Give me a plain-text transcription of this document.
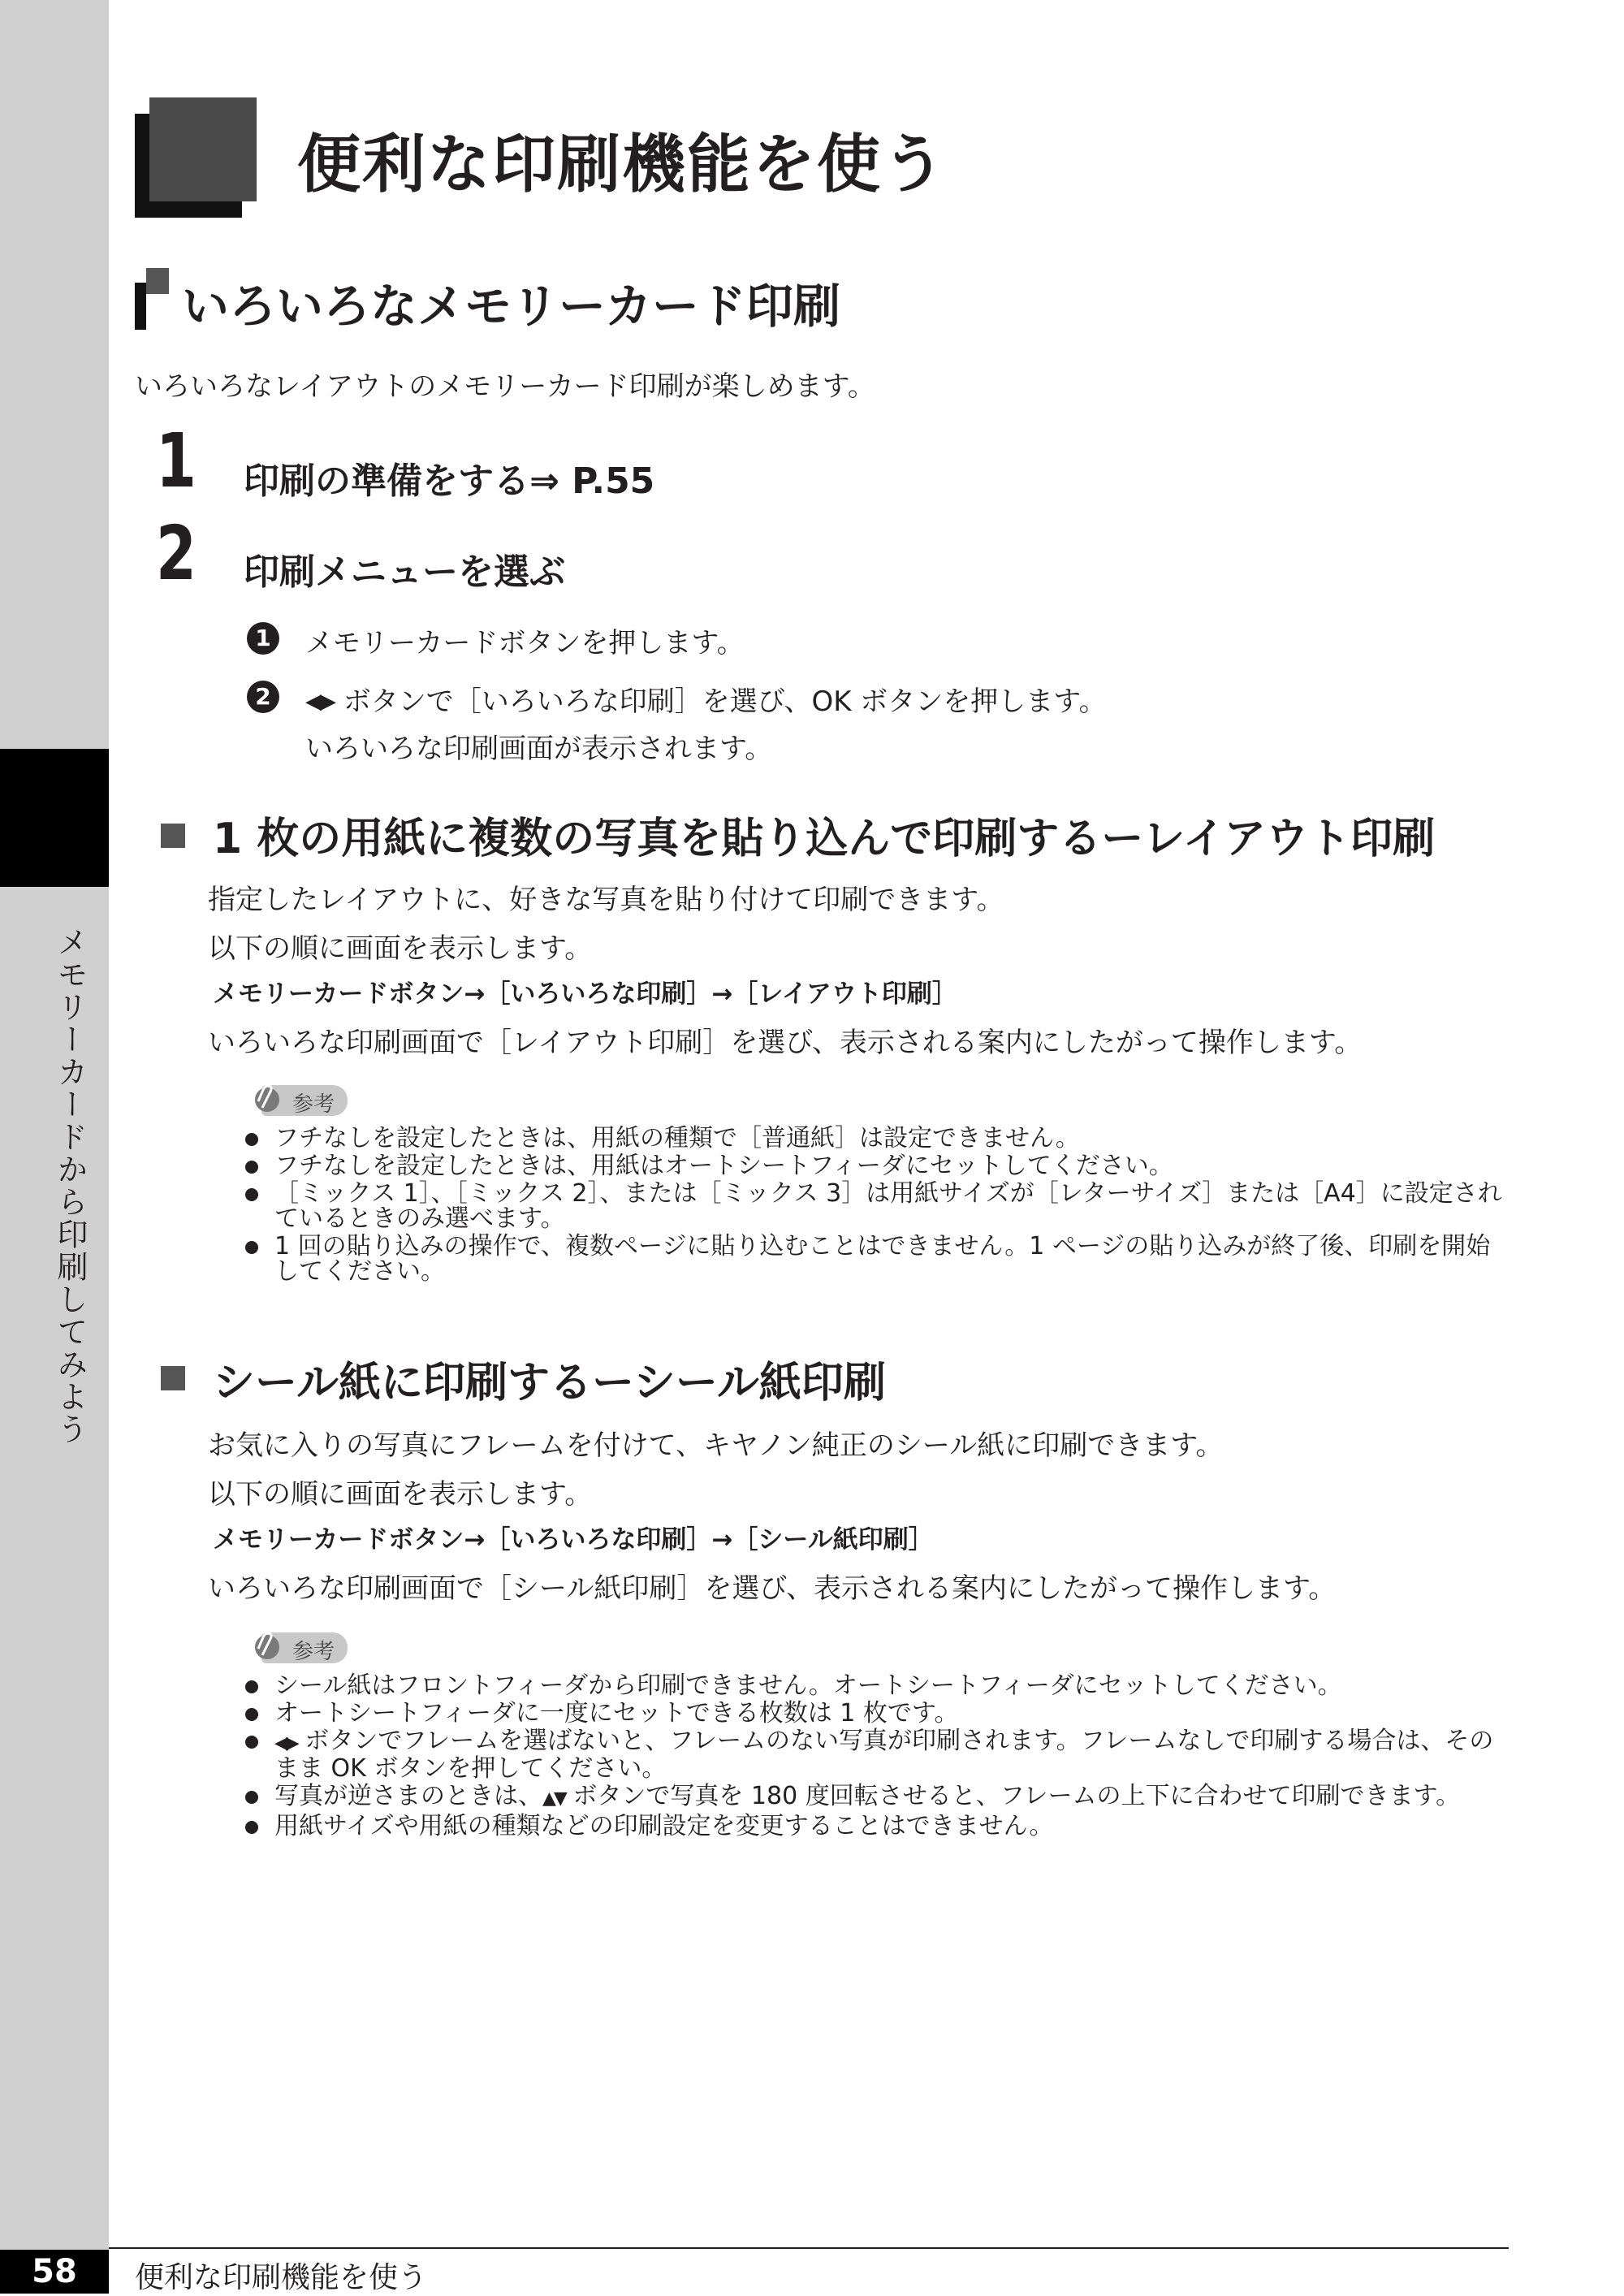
メモリーカードから印刷してみよう
便利な印刷機能を使う
いろいろなメモリーカード印刷
いろいろなレイアウトのメモリーカード印刷が楽しめます。
1 印刷の準備をする⇒ P.55
2 印刷メニューを選ぶ
1	メモリーカードボタンを押します。
2	◀▶ ボタンで［いろいろな印刷］を選び、OK ボタンを押します。
いろいろな印刷画面が表示されます。
1 枚の用紙に複数の写真を貼り込んで印刷するーレイアウト印刷
指定したレイアウトに、好きな写真を貼り付けて印刷できます。
以下の順に画面を表示します。
メモリーカードボタン→［いろいろな印刷］→［レイアウト印刷］
いろいろな印刷画面で［レイアウト印刷］を選び、表示される案内にしたがって操作します。
参考
フチなしを設定したときは、用紙の種類で［普通紙］は設定できません。
フチなしを設定したときは、用紙はオートシートフィーダにセットしてください。
［ミックス 1］、［ミックス 2］、または［ミックス 3］は用紙サイズが［レターサイズ］または［A4］に設定されているときのみ選べます。
1 回の貼り込みの操作で、複数ページに貼り込むことはできません。1 ページの貼り込みが終了後、印刷を開始してください。
シール紙に印刷するーシール紙印刷
お気に入りの写真にフレームを付けて、キヤノン純正のシール紙に印刷できます。
以下の順に画面を表示します。
メモリーカードボタン→［いろいろな印刷］→［シール紙印刷］
いろいろな印刷画面で［シール紙印刷］を選び、表示される案内にしたがって操作します。
参考
シール紙はフロントフィーダから印刷できません。オートシートフィーダにセットしてください。
オートシートフィーダに一度にセットできる枚数は 1 枚です。
◀▶ ボタンでフレームを選ばないと、フレームのない写真が印刷されます。フレームなしで印刷する場合は、そのまま OK ボタンを押してください。
写真が逆さまのときは、▲▼ ボタンで写真を 180 度回転させると、フレームの上下に合わせて印刷できます。
用紙サイズや用紙の種類などの印刷設定を変更することはできません。
58	便利な印刷機能を使う
